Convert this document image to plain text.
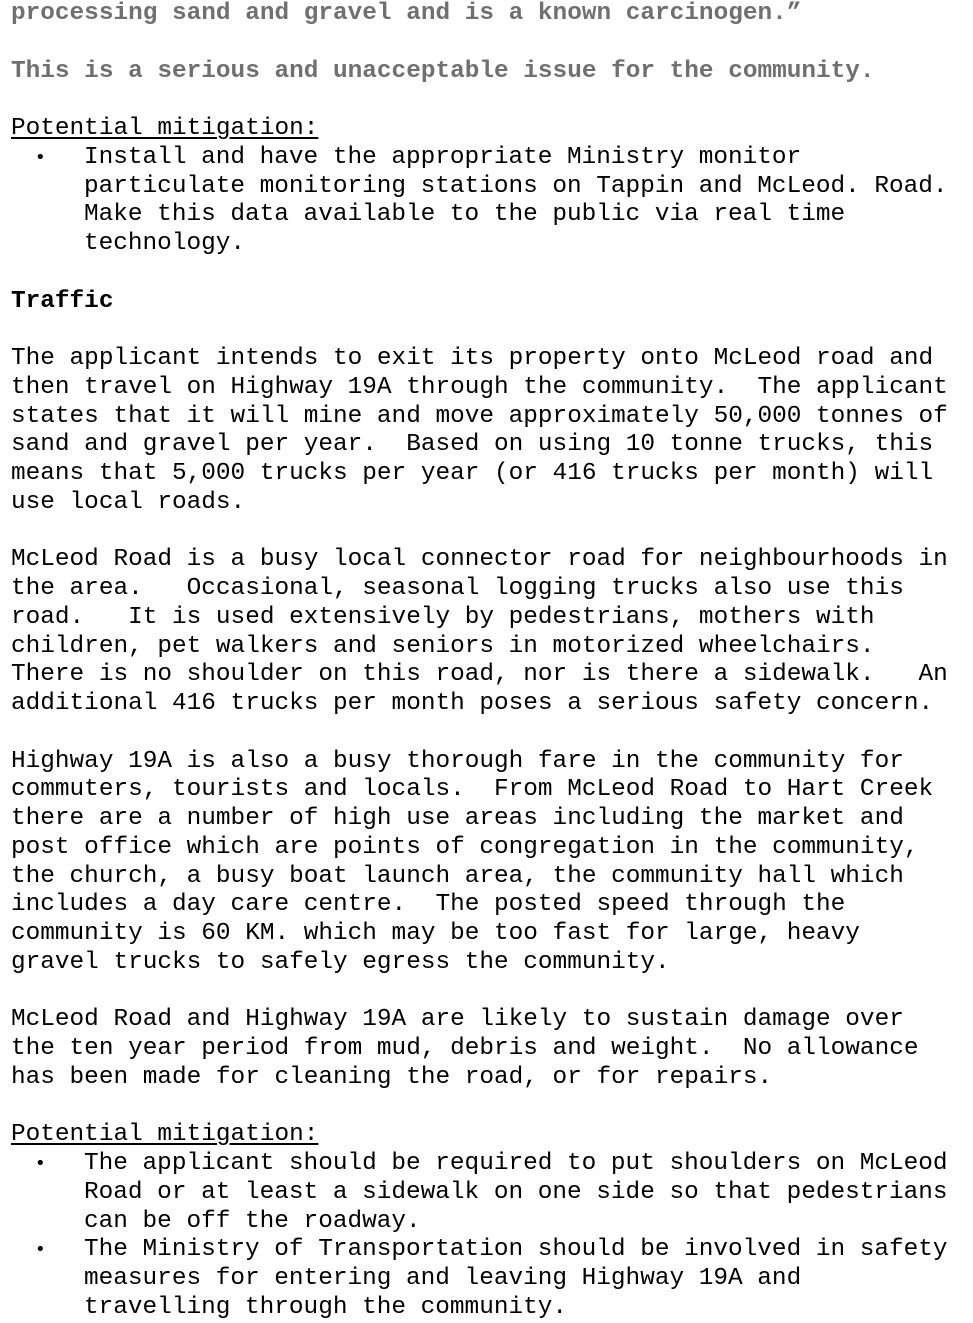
processing sand and gravel and is a known carcinogen.”

This is a serious and unacceptable issue for the community.

Potential mitigation:

• Install and have the appropriate Ministry monitor
particulate monitoring stations on Tappin and McLeod. Road.
Make this data available to the public via real time
technology.

Traffic

The applicant intends to exit its property onto McLeod road and
then travel on Highway 19A through the community.  The applicant
states that it will mine and move approximately 50,000 tonnes of
sand and gravel per year.  Based on using 10 tonne trucks, this
means that 5,000 trucks per year (or 416 trucks per month) will
use local roads.

McLeod Road is a busy local connector road for neighbourhoods in
the area.   Occasional, seasonal logging trucks also use this
road.   It is used extensively by pedestrians, mothers with
children, pet walkers and seniors in motorized wheelchairs.
There is no shoulder on this road, nor is there a sidewalk.   An
additional 416 trucks per month poses a serious safety concern.

Highway 19A is also a busy thorough fare in the community for
commuters, tourists and locals.  From McLeod Road to Hart Creek
there are a number of high use areas including the market and
post office which are points of congregation in the community,
the church, a busy boat launch area, the community hall which
includes a day care centre.  The posted speed through the
community is 60 KM. which may be too fast for large, heavy
gravel trucks to safely egress the community.

McLeod Road and Highway 19A are likely to sustain damage over
the ten year period from mud, debris and weight.  No allowance
has been made for cleaning the road, or for repairs.

Potential mitigation:

• The applicant should be required to put shoulders on McLeod
Road or at least a sidewalk on one side so that pedestrians
can be off the roadway.
• The Ministry of Transportation should be involved in safety
measures for entering and leaving Highway 19A and
travelling through the community.
